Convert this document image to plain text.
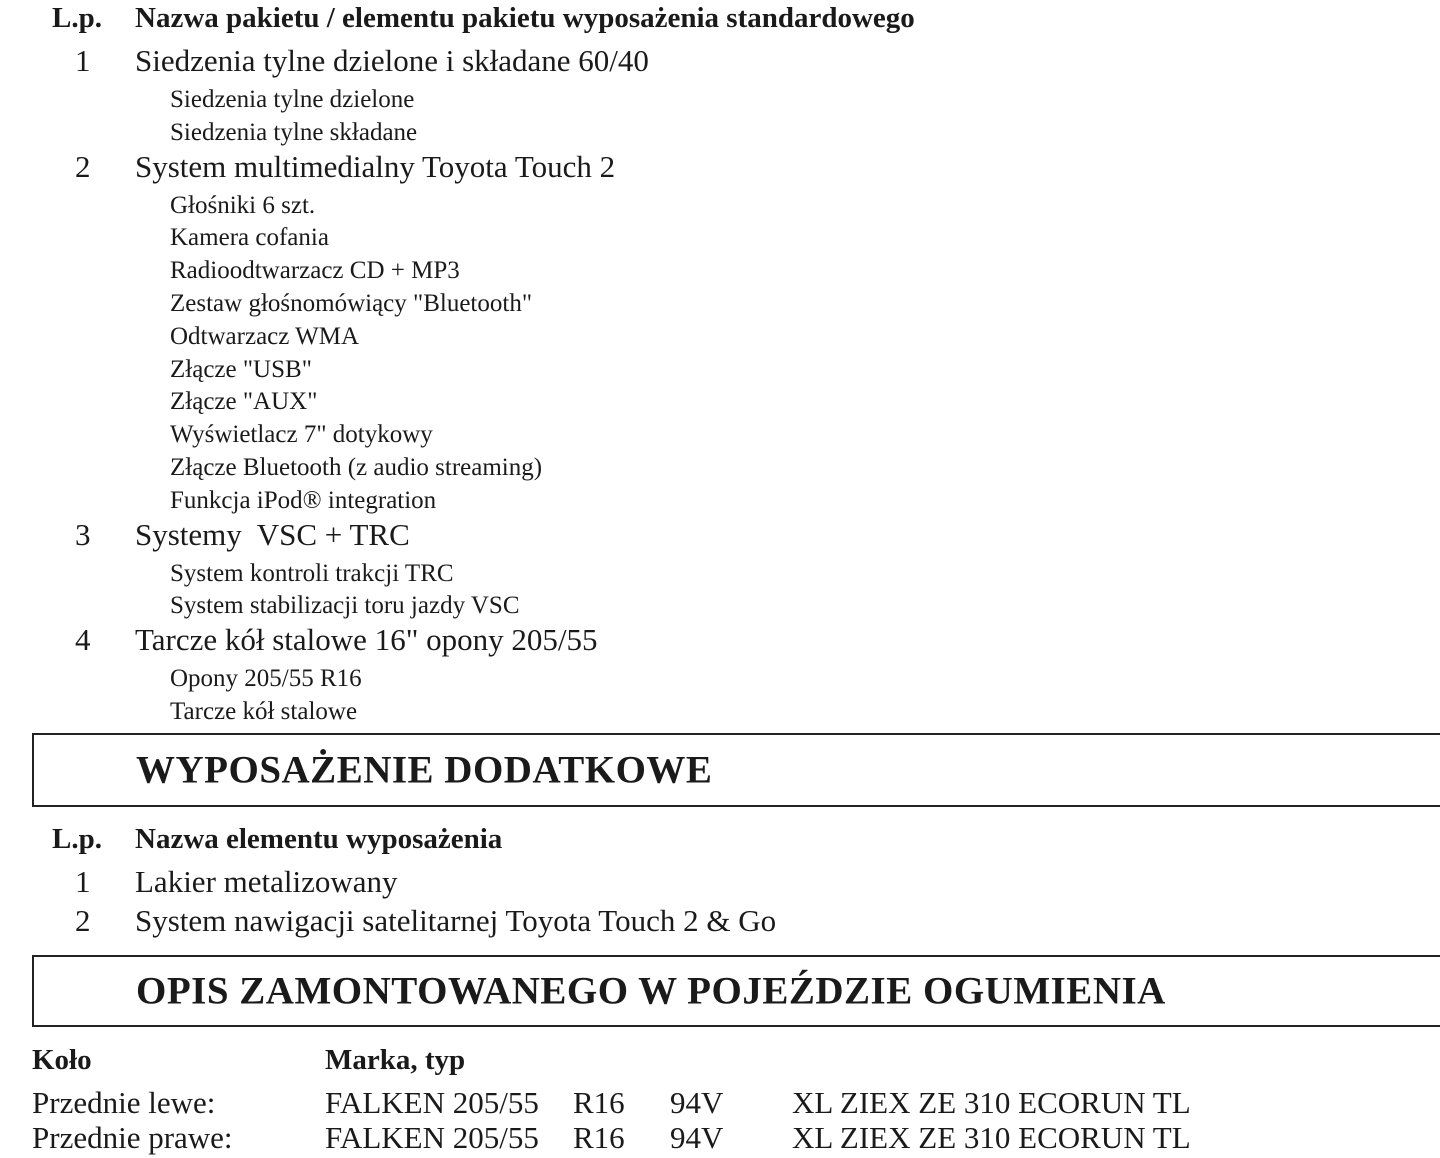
L.p. Nazwa pakietu / elementu pakietu wyposażenia standardowego
1 Siedzenia tylne dzielone i składane 60/40
Siedzenia tylne dzielone
Siedzenia tylne składane
2 System multimedialny Toyota Touch 2
Głośniki 6 szt.
Kamera cofania
Radioodtwarzacz CD + MP3
Zestaw głośnomówiący "Bluetooth"
Odtwarzacz WMA
Złącze "USB"
Złącze "AUX"
Wyświetlacz 7" dotykowy
Złącze Bluetooth (z audio streaming)
Funkcja iPod® integration
3 Systemy  VSC + TRC
System kontroli trakcji TRC
System stabilizacji toru jazdy VSC
4 Tarcze kół stalowe 16" opony 205/55
Opony 205/55 R16
Tarcze kół stalowe
WYPOSAŻENIE DODATKOWE
L.p. Nazwa elementu wyposażenia
1 Lakier metalizowany
2 System nawigacji satelitarnej Toyota Touch 2 & Go
OPIS ZAMONTOWANEGO W POJEŹDZIE OGUMIENIA
Koło	Marka, typ
Przednie lewe:	FALKEN 205/55 R16 94V XL ZIEX ZE 310 ECORUN TL
Przednie prawe:	FALKEN 205/55 R16 94V XL ZIEX ZE 310 ECORUN TL
